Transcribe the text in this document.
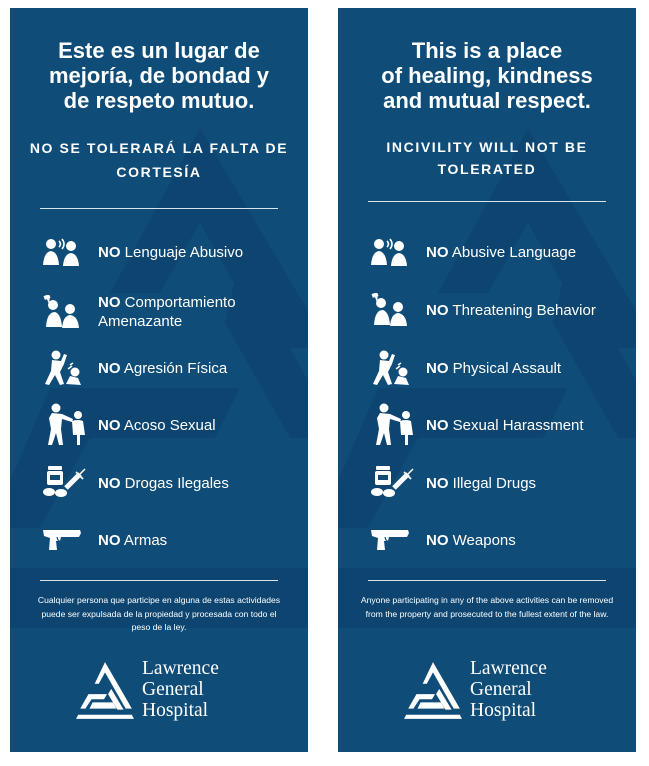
Este es un lugar de
mejoría, de bondad y
de respeto mutuo.
NO SE TOLERARÁ LA FALTA DE CORTESÍA
NO Lenguaje Abusivo
NO Comportamiento Amenazante
NO Agresión Física
NO Acoso Sexual
NO Drogas Ilegales
NO Armas
Cualquier persona que participe en alguna de estas actividades puede ser expulsada de la propiedad y procesada con todo el peso de la ley.
Lawrence
General
Hospital
This is a place
of healing, kindness
and mutual respect.
INCIVILITY WILL NOT BE TOLERATED
NO Abusive Language
NO Threatening Behavior
NO Physical Assault
NO Sexual Harassment
NO Illegal Drugs
NO Weapons
Anyone participating in any of the above activities can be removed from the property and prosecuted to the fullest extent of the law.
Lawrence
General
Hospital
